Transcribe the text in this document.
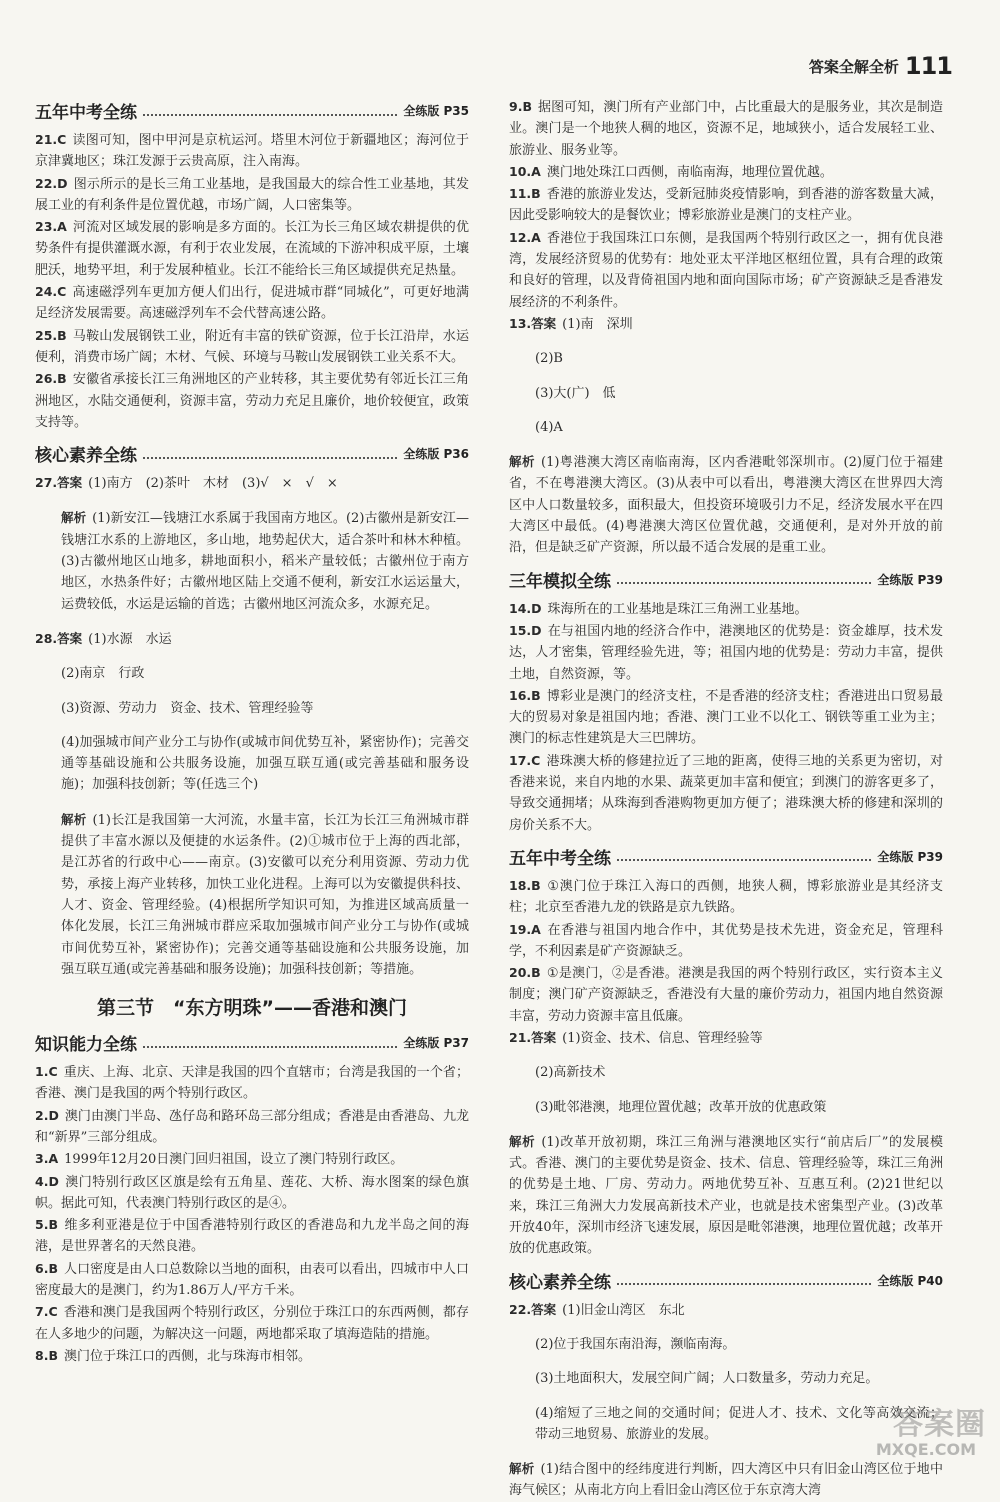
答案全解全析 111
五年中考全练	全练版 P35

21.C 读图可知，图中甲河是京杭运河。塔里木河位于新疆地区；海河位于京津冀地区；珠江发源于云贵高原，注入南海。

22.D 图示所示的是长三角工业基地，是我国最大的综合性工业基地，其发展工业的有利条件是位置优越，市场广阔，人口密集等。

23.A 河流对区域发展的影响是多方面的。长江为长三角区域农耕提供的优势条件有提供灌溉水源，有利于农业发展，在流域的下游冲积成平原，土壤肥沃，地势平坦，利于发展种植业。长江不能给长三角区域提供充足热量。

24.C 高速磁浮列车更加方便人们出行，促进城市群“同城化”，可更好地满足经济发展需要。高速磁浮列车不会代替高速公路。

25.B 马鞍山发展钢铁工业，附近有丰富的铁矿资源，位于长江沿岸，水运便利，消费市场广阔；木材、气候、环境与马鞍山发展钢铁工业关系不大。

26.B 安徽省承接长江三角洲地区的产业转移，其主要优势有邻近长江三角洲地区，水陆交通便利，资源丰富，劳动力充足且廉价，地价较便宜，政策支持等。

核心素养全练	全练版 P36

27.答案 (1)南方　(2)茶叶　木材　(3)√　×　√　×

解析 (1)新安江—钱塘江水系属于我国南方地区。(2)古徽州是新安江—钱塘江水系的上游地区，多山地，地势起伏大，适合茶叶和林木种植。(3)古徽州地区山地多，耕地面积小，稻米产量较低；古徽州位于南方地区，水热条件好；古徽州地区陆上交通不便利，新安江水运运量大，运费较低，水运是运输的首选；古徽州地区河流众多，水源充足。

28.答案 (1)水源　水运

(2)南京　行政

(3)资源、劳动力　资金、技术、管理经验等

(4)加强城市间产业分工与协作(或城市间优势互补，紧密协作)；完善交通等基础设施和公共服务设施，加强互联互通(或完善基础和服务设施)；加强科技创新；等(任选三个)

解析 (1)长江是我国第一大河流，水量丰富，长江为长江三角洲城市群提供了丰富水源以及便捷的水运条件。(2)①城市位于上海的西北部，是江苏省的行政中心——南京。(3)安徽可以充分利用资源、劳动力优势，承接上海产业转移，加快工业化进程。上海可以为安徽提供科技、人才、资金、管理经验。(4)根据所学知识可知，为推进区域高质量一体化发展，长江三角洲城市群应采取加强城市间产业分工与协作(或城市间优势互补，紧密协作)；完善交通等基础设施和公共服务设施，加强互联互通(或完善基础和服务设施)；加强科技创新；等措施。

第三节　“东方明珠”——香港和澳门
知识能力全练	全练版 P37

1.C 重庆、上海、北京、天津是我国的四个直辖市；台湾是我国的一个省；香港、澳门是我国的两个特别行政区。

2.D 澳门由澳门半岛、氹仔岛和路环岛三部分组成；香港是由香港岛、九龙和“新界”三部分组成。

3.A 1999年12月20日澳门回归祖国，设立了澳门特别行政区。

4.D 澳门特别行政区区旗是绘有五角星、莲花、大桥、海水图案的绿色旗帜。据此可知，代表澳门特别行政区的是④。

5.B 维多利亚港是位于中国香港特别行政区的香港岛和九龙半岛之间的海港，是世界著名的天然良港。

6.B 人口密度是由人口总数除以当地的面积，由表可以看出，四城市中人口密度最大的是澳门，约为1.86万人/平方千米。

7.C 香港和澳门是我国两个特别行政区，分别位于珠江口的东西两侧，都存在人多地少的问题，为解决这一问题，两地都采取了填海造陆的措施。

8.B 澳门位于珠江口的西侧，北与珠海市相邻。

9.B 据图可知，澳门所有产业部门中，占比重最大的是服务业，其次是制造业。澳门是一个地狭人稠的地区，资源不足，地域狭小，适合发展轻工业、旅游业、服务业等。

10.A 澳门地处珠江口西侧，南临南海，地理位置优越。

11.B 香港的旅游业发达，受新冠肺炎疫情影响，到香港的游客数量大减，因此受影响较大的是餐饮业；博彩旅游业是澳门的支柱产业。

12.A 香港位于我国珠江口东侧，是我国两个特别行政区之一，拥有优良港湾，发展经济贸易的优势有：地处亚太平洋地区枢纽位置，具有合理的政策和良好的管理，以及背倚祖国内地和面向国际市场；矿产资源缺乏是香港发展经济的不利条件。

13.答案 (1)南　深圳

(2)B

(3)大(广)　低

(4)A

解析 (1)粤港澳大湾区南临南海，区内香港毗邻深圳市。(2)厦门位于福建省，不在粤港澳大湾区。(3)从表中可以看出，粤港澳大湾区在世界四大湾区中人口数量较多，面积最大，但投资环境吸引力不足，经济发展水平在四大湾区中最低。(4)粤港澳大湾区位置优越，交通便利，是对外开放的前沿，但是缺乏矿产资源，所以最不适合发展的是重工业。

三年模拟全练	全练版 P39

14.D 珠海所在的工业基地是珠江三角洲工业基地。

15.D 在与祖国内地的经济合作中，港澳地区的优势是：资金雄厚，技术发达，人才密集，管理经验先进，等；祖国内地的优势是：劳动力丰富，提供土地，自然资源，等。

16.B 博彩业是澳门的经济支柱，不是香港的经济支柱；香港进出口贸易最大的贸易对象是祖国内地；香港、澳门工业不以化工、钢铁等重工业为主；澳门的标志性建筑是大三巴牌坊。

17.C 港珠澳大桥的修建拉近了三地的距离，使得三地的关系更为密切，对香港来说，来自内地的水果、蔬菜更加丰富和便宜；到澳门的游客更多了，导致交通拥堵；从珠海到香港购物更加方便了；港珠澳大桥的修建和深圳的房价关系不大。

五年中考全练	全练版 P39

18.B ①澳门位于珠江入海口的西侧，地狭人稠，博彩旅游业是其经济支柱；北京至香港九龙的铁路是京九铁路。

19.A 在香港与祖国内地合作中，其优势是技术先进，资金充足，管理科学，不利因素是矿产资源缺乏。

20.B ①是澳门，②是香港。港澳是我国的两个特别行政区，实行资本主义制度；澳门矿产资源缺乏，香港没有大量的廉价劳动力，祖国内地自然资源丰富，劳动力资源丰富且低廉。

21.答案 (1)资金、技术、信息、管理经验等

(2)高新技术

(3)毗邻港澳，地理位置优越；改革开放的优惠政策

解析 (1)改革开放初期，珠江三角洲与港澳地区实行“前店后厂”的发展模式。香港、澳门的主要优势是资金、技术、信息、管理经验等，珠江三角洲的优势是土地、厂房、劳动力。两地优势互补、互惠互利。(2)21世纪以来，珠江三角洲大力发展高新技术产业，也就是技术密集型产业。(3)改革开放40年，深圳市经济飞速发展，原因是毗邻港澳，地理位置优越；改革开放的优惠政策。

核心素养全练	全练版 P40

22.答案 (1)旧金山湾区　东北

(2)位于我国东南沿海，濒临南海。

(3)土地面积大，发展空间广阔；人口数量多，劳动力充足。

(4)缩短了三地之间的交通时间；促进人才、技术、文化等高效交流；带动三地贸易、旅游业的发展。

解析 (1)结合图中的经纬度进行判断，四大湾区中只有旧金山湾区位于地中海气候区；从南北方向上看旧金山湾区位于东京湾大湾

答案圈
MXQE.COM
